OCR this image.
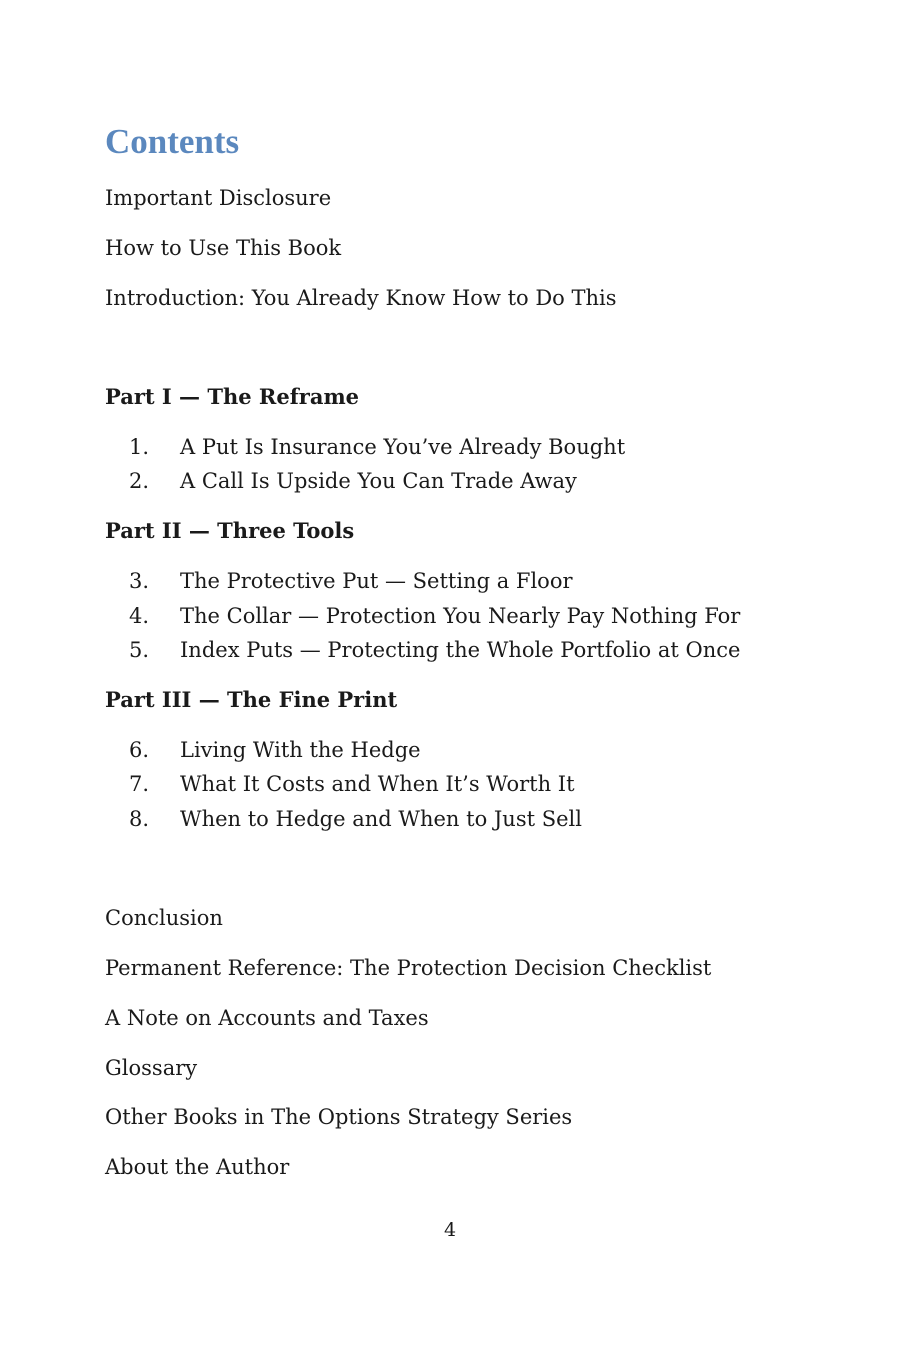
Contents
Important Disclosure
How to Use This Book
Introduction: You Already Know How to Do This
Part I — The Reframe
1. A Put Is Insurance You’ve Already Bought
2. A Call Is Upside You Can Trade Away
Part II — Three Tools
3. The Protective Put — Setting a Floor
4. The Collar — Protection You Nearly Pay Nothing For
5. Index Puts — Protecting the Whole Portfolio at Once
Part III — The Fine Print
6. Living With the Hedge
7. What It Costs and When It’s Worth It
8. When to Hedge and When to Just Sell
Conclusion
Permanent Reference: The Protection Decision Checklist
A Note on Accounts and Taxes
Glossary
Other Books in The Options Strategy Series
About the Author
4
